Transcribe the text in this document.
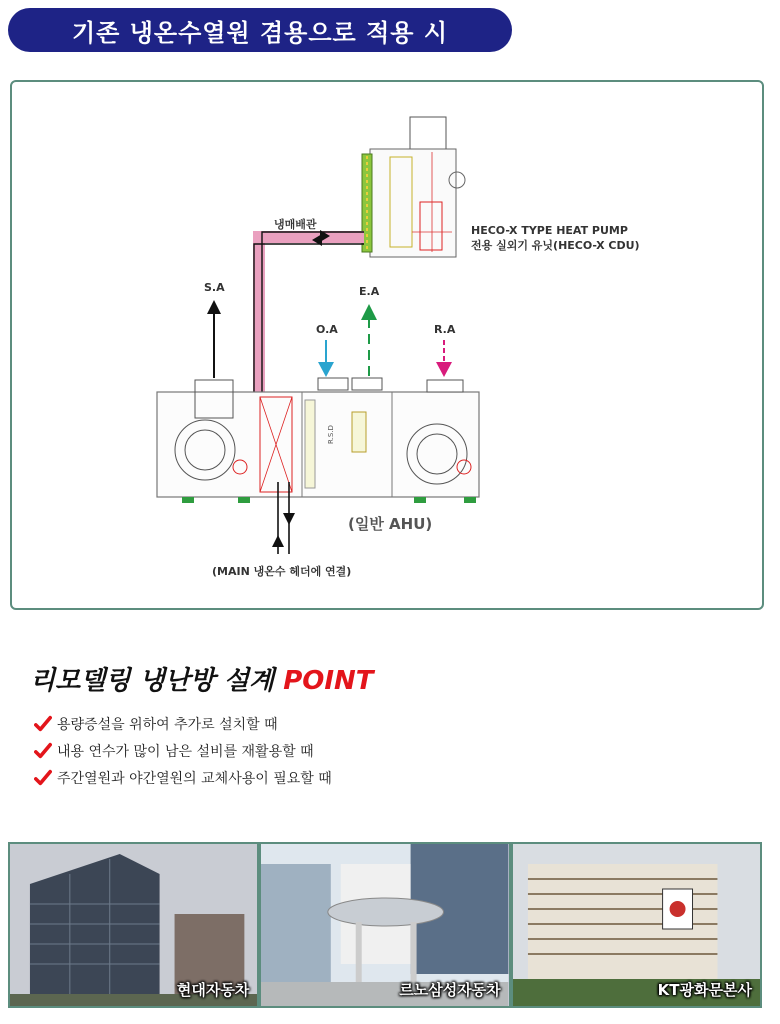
기존 냉온수열원 겸용으로 적용 시
HECO-X TYPE HEAT PUMP
전용 실외기 유닛(HECO-X CDU)
냉매배관
R.S.D
S.A	E.A
O.A	R.A
(일반 AHU)
(MAIN 냉온수 헤더에 연결)
리모델링 냉난방 설계 POINT
용량증설을 위하여 추가로 설치할 때
내용 연수가 많이 남은 설비를 재활용할 때
주간열원과 야간열원의 교체사용이 필요할 때
현대자동차	르노삼성자동차	KT광화문본사
